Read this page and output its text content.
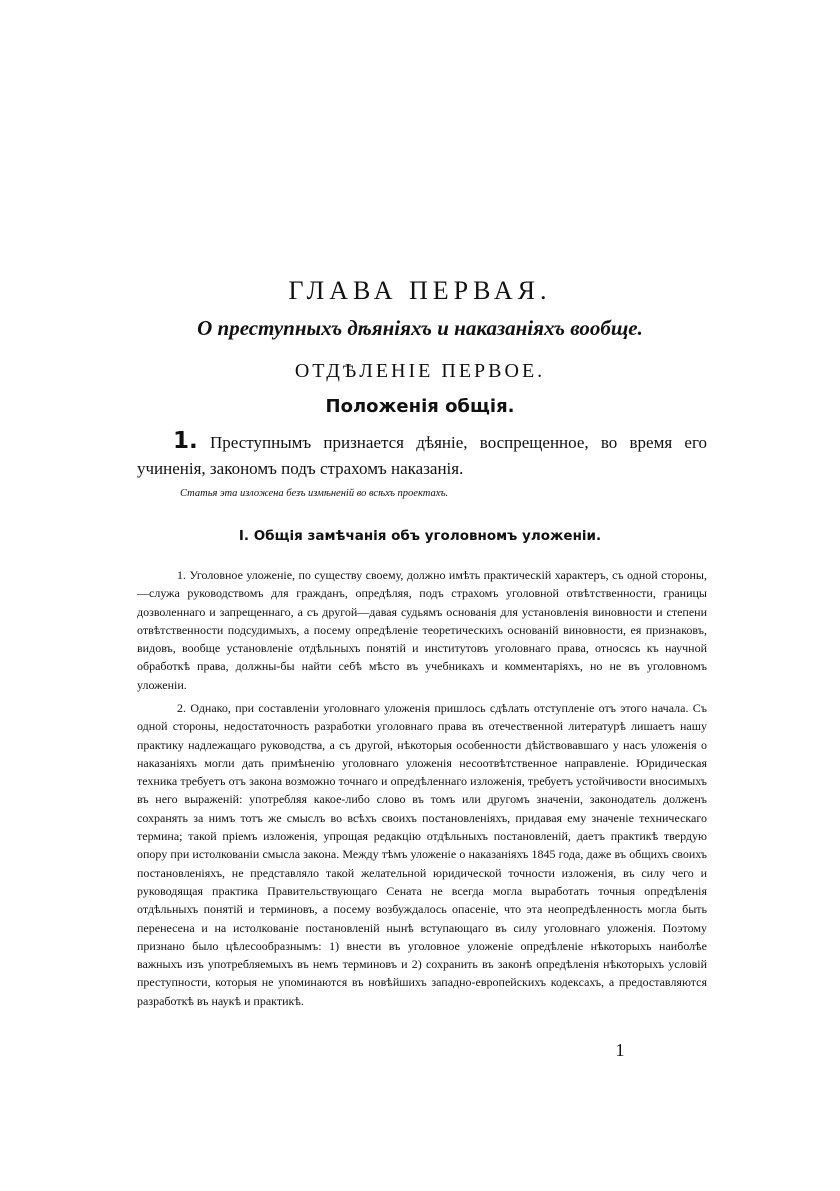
ГЛАВА ПЕРВАЯ.
О преступныхъ дѣяніяхъ и наказаніяхъ вообще.
ОТДѢЛЕНІЕ ПЕРВОЕ.
Положенія общія.

1. Преступнымъ признается дѣяніе, воспрещенное, во время его учиненія, закономъ подъ страхомъ наказанія.

Статья эта изложена безъ измѣненій во всѣхъ проектахъ.

I. Общія замѣчанія объ уголовномъ уложеніи.

1. Уголовное уложеніе, по существу своему, должно имѣть практическій характеръ, съ одной стороны,—служа руководствомъ для гражданъ, опредѣляя, подъ страхомъ уголовной отвѣтственности, границы дозволеннаго и запрещеннаго, а съ другой—давая судьямъ основанія для установленія виновности и степени отвѣтственности подсудимыхъ, а посему опредѣленіе теоретическихъ основаній виновности, ея признаковъ, видовъ, вообще установленіе отдѣльныхъ понятій и институтовъ уголовнаго права, относясь къ научной обработкѣ права, должны-бы найти себѣ мѣсто въ учебникахъ и комментаріяхъ, но не въ уголовномъ уложеніи.

2. Однако, при составленіи уголовнаго уложенія пришлось сдѣлать отступленіе отъ этого начала. Съ одной стороны, недостаточность разработки уголовнаго права въ отечественной литературѣ лишаетъ нашу практику надлежащаго руководства, а съ другой, нѣкоторыя особенности дѣйствовавшаго у насъ уложенія о наказаніяхъ могли дать примѣненію уголовнаго уложенія несоотвѣтственное направленіе. Юридическая техника требуетъ отъ закона возможно точнаго и опредѣленнаго изложенія, требуетъ устойчивости вносимыхъ въ него выраженій: употребляя какое-либо слово въ томъ или другомъ значеніи, законодатель долженъ сохранять за нимъ тотъ же смыслъ во всѣхъ своихъ постановленіяхъ, придавая ему значеніе техническаго термина; такой пріемъ изложенія, упрощая редакцію отдѣльныхъ постановленій, даетъ практикѣ твердую опору при истолкованіи смысла закона. Между тѣмъ уложеніе о наказаніяхъ 1845 года, даже въ общихъ своихъ постановленіяхъ, не представляло такой желательной юридической точности изложенія, въ силу чего и руководящая практика Правительствующаго Сената не всегда могла выработать точныя опредѣленія отдѣльныхъ понятій и терминовъ, а посему возбуждалось опасеніе, что эта неопредѣленность могла быть перенесена и на истолкованіе постановленій нынѣ вступающаго въ силу уголовнаго уложенія. Поэтому признано было цѣлесообразнымъ: 1) внести въ уголовное уложеніе опредѣленіе нѣкоторыхъ наиболѣе важныхъ изъ употребляемыхъ въ немъ терминовъ и 2) сохранить въ законѣ опредѣленія нѣкоторыхъ условій преступности, которыя не упоминаются въ новѣйшихъ западно-европейскихъ кодексахъ, а предоставляются разработкѣ въ наукѣ и практикѣ.

1
